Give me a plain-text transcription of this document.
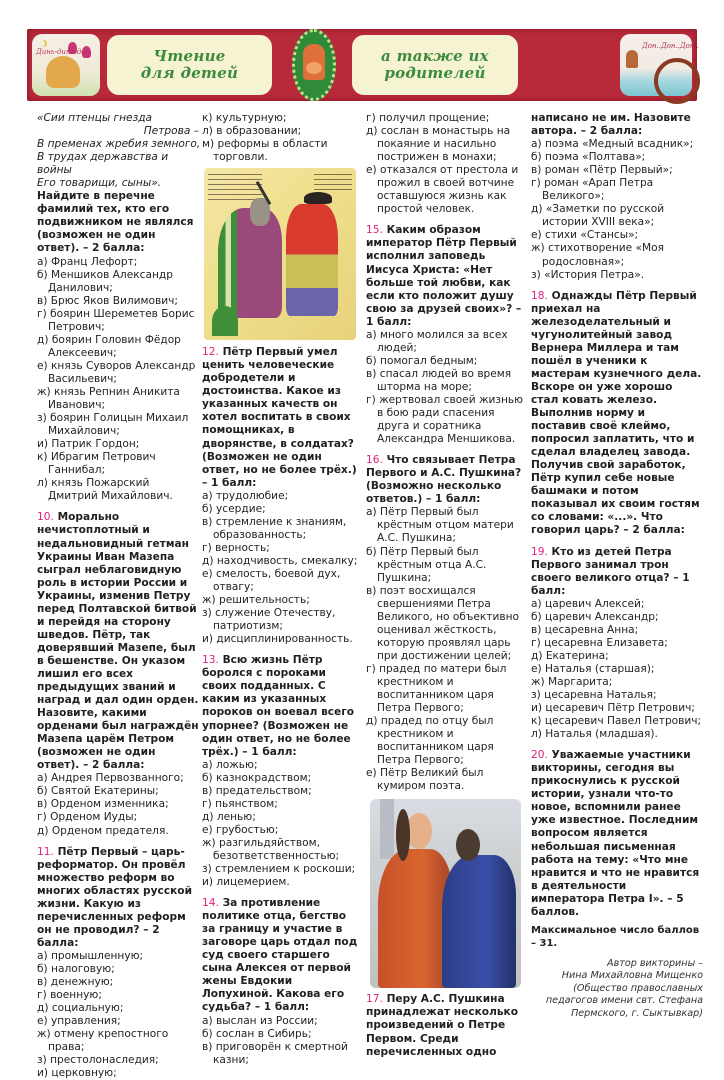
Динь-динь-дон	Чтение
для детей
а также их
родителей
Дон..Дон..Дон..

«Сии птенцы гнезда

Петрова –

В пременах жребия земного,

В трудах державства и войны

Его товарищи, сыны».

Найдите в перечне фамилий тех, кто его подвижником не являлся (возможен не один ответ). – 2 балла:

а) Франц Лефорт;

б) Меншиков Александр Данилович;

в) Брюс Яков Вилимович;

г) боярин Шереметев Борис Петрович;

д) боярин Головин Фёдор Алексеевич;

е) князь Суворов Александр Васильевич;

ж) князь Репнин Аникита Иванович;

з) боярин Голицын Михаил Михайлович;

и) Патрик Гордон;

к) Ибрагим Петрович Ганнибал;

л) князь Пожарский Дмитрий Михайлович.

10. Морально нечистоплотный и недальновидный гетман Украины Иван Мазепа сыграл неблаговидную роль в истории России и Украины, изменив Петру перед Полтавской битвой и перейдя на сторону шведов. Пётр, так доверявший Мазепе, был в бешенстве. Он указом лишил его всех предыдущих званий и наград и дал один орден. Назовите, какими орденами был награждён Мазепа царём Петром (возможен не один ответ). – 2 балла:

а) Андрея Первозванного;

б) Святой Екатерины;

в) Орденом изменника;

г) Орденом Иуды;

д) Орденом предателя.

11. Пётр Первый – царь-реформатор. Он провёл множество реформ во многих областях русской жизни. Какую из перечисленных реформ он не проводил? – 2 балла:

а) промышленную;

б) налоговую;

в) денежную;

г) военную;

д) социальную;

е) управления;

ж) отмену крепостного права;

з) престолонаследия;

и) церковную;

к) культурную;

л) в образовании;

м) реформы в области торговли.

12. Пётр Первый умел ценить человеческие добродетели и достоинства. Какое из указанных качеств он хотел воспитать в своих помощниках, в дворянстве, в солдатах? (Возможен не один ответ, но не более трёх.) – 1 балл:

а) трудолюбие;

б) усердие;

в) стремление к знаниям, образованность;

г) верность;

д) находчивость, смекалку;

е) смелость, боевой дух, отвагу;

ж) решительность;

з) служение Отечеству, патриотизм;

и) дисциплинированность.

13. Всю жизнь Пётр боролся с пороками своих подданных. С каким из указанных пороков он воевал всего упорнее? (Возможен не один ответ, но не более трёх.) – 1 балл:

а) ложью;

б) казнокрадством;

в) предательством;

г) пьянством;

д) ленью;

е) грубостью;

ж) разгильдяйством, безответственностью;

з) стремлением к роскоши;

и) лицемерием.

14. За противление политике отца, бегство за границу и участие в заговоре царь отдал под суд своего старшего сына Алексея от первой жены Евдокии Лопухиной. Какова его судьба? – 1 балл:

а) выслан из России;

б) сослан в Сибирь;

в) приговорён к смертной казни;

г) получил прощение;

д) сослан в монастырь на покаяние и насильно пострижен в монахи;

е) отказался от престола и прожил в своей вотчине оставшуюся жизнь как простой человек.

15. Каким образом император Пётр Первый исполнил заповедь Иисуса Христа: «Нет больше той любви, как если кто положит душу свою за друзей своих»? – 1 балл:

а) много молился за всех людей;

б) помогал бедным;

в) спасал людей во время шторма на море;

г) жертвовал своей жизнью в бою ради спасения друга и соратника Александра Меншикова.

16. Что связывает Петра Первого и А.С. Пушкина? (Возможно несколько ответов.) – 1 балл:

а) Пётр Первый был крёстным отцом матери А.С. Пушкина;

б) Пётр Первый был крёстным отца А.С. Пушкина;

в) поэт восхищался свершениями Петра Великого, но объективно оценивал жёсткость, которую проявлял царь при достижении целей;

г) прадед по матери был крестником и воспитанником царя Петра Первого;

д) прадед по отцу был крестником и воспитанником царя Петра Первого;

е) Пётр Великий был кумиром поэта.

17. Перу А.С. Пушкина принадлежат несколько произведений о Петре Первом. Среди перечисленных одно

написано не им. Назовите автора. – 2 балла:

а) поэма «Медный всадник»;

б) поэма «Полтава»;

в) роман «Пётр Первый»;

г) роман «Арап Петра Великого»;

д) «Заметки по русской истории XVIII века»;

е) стихи «Стансы»;

ж) стихотворение «Моя родословная»;

з) «История Петра».

18. Однажды Пётр Первый приехал на железоделательный и чугунолитейный завод Вернера Миллера и там пошёл в ученики к мастерам кузнечного дела. Вскоре он уже хорошо стал ковать железо. Выполнив норму и поставив своё клеймо, попросил заплатить, что и сделал владелец завода. Получив свой заработок, Пётр купил себе новые башмаки и потом показывал их своим гостям со словами: «...». Что говорил царь? – 2 балла:

19. Кто из детей Петра Первого занимал трон своего великого отца? – 1 балл:

а) царевич Алексей;

б) царевич Александр;

в) цесаревна Анна;

г) цесаревна Елизавета;

д) Екатерина;

е) Наталья (старшая);

ж) Маргарита;

з) цесаревна Наталья;

и) цесаревич Пётр Петрович;

к) цесаревич Павел Петрович;

л) Наталья (младшая).

20. Уважаемые участники викторины, сегодня вы прикоснулись к русской истории, узнали что-то новое, вспомнили ранее уже известное. Последним вопросом является небольшая письменная работа на тему: «Что мне нравится и что не нравится в деятельности императора Петра I». – 5 баллов.

Максимальное число баллов – 31.

Автор викторины –

Нина Михайловна Мищенко

(Общество православных

педагогов имени свт. Стефана

Пермского, г. Сыктывкар)
